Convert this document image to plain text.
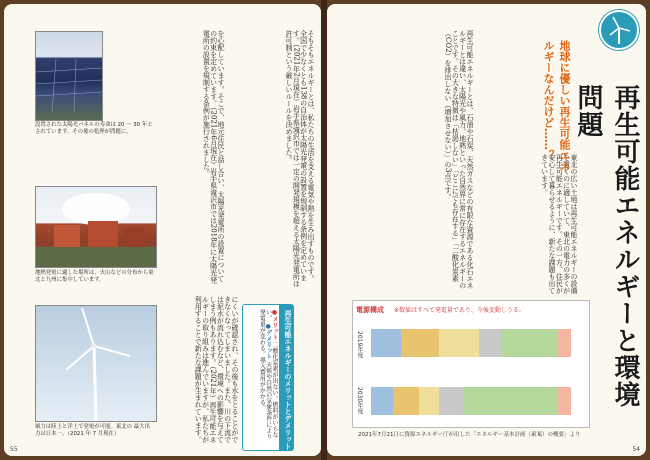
設置された太陽光パネルの寿命は 20 ～ 30 年とされています。その後の処理が問題に。
地熱発電に適した場所は、火山などの分布から東北と九州に集中しています。
風力は陸上と洋上で発電が可能。東北の 最大出力は日本一。（2021 年 7 月現在）
を心配しています。そこで、地元住民と話し合い、太陽光発電所の設置についての約束を定めています。（2021年6月現在）岩手県滝沢市では2018年に太陽光発電所の設置を規制する条例が施行されました。	そもそもエネルギーとは、私たちの生活を支える電気や熱を生み出すものです。全国で少なくとも138の自治体が太陽光発電の設置を規制する条例を定めています。（2021年2月現在）岩手県滝沢市では一定の開発規模を超える太陽光発電所は許可制という厳しいルールを決めました。
にくいが確認され、その後も水をとることができなくなってしまいました。また、川の下流では泥水が流れ込むなど、環境への影響を与えてしまう例もあります。（2021年）再生可能エネルギーの取り組みは進んでいますが、私たちが利用することで新たな課題が生まれています。	再生可能エネルギーのメリットとデメリット
●メリット 二酸化炭素が出ない。燃料がいらない。 ●デメリット 天候や自然の気象条件により発電量が変わる。導入費用がかかる。
55
再生可能エネルギーとは、石油や石炭、天然ガスなどの有限な資源である化石エネルギーとは違い、太陽光や風力、地熱といった自然界に常に存在するエネルギーのことです。その大きな特徴は「枯渇しない」「どこにでも存在する」「二酸化炭素（CO2）を排出しない（増加させない）」の3点です。
東北の広い土地は再生可能エネルギーの設備を置くのに適していて、東北の電力の多くが再生可能エネルギーです。その一方、住民が安心して暮らせるように、新たな課題も出てきています。
54
地球に優しい再生可能エネルギーなんだけど……？	再生可能エネルギーと環境問題
2019年度
2030年度
電源構成	※数値はすべて発電量であり、今後変動しうる。
2021年7月21日に資源エネルギー庁が出した「エネルギー基本計画（素案）の概要」より
